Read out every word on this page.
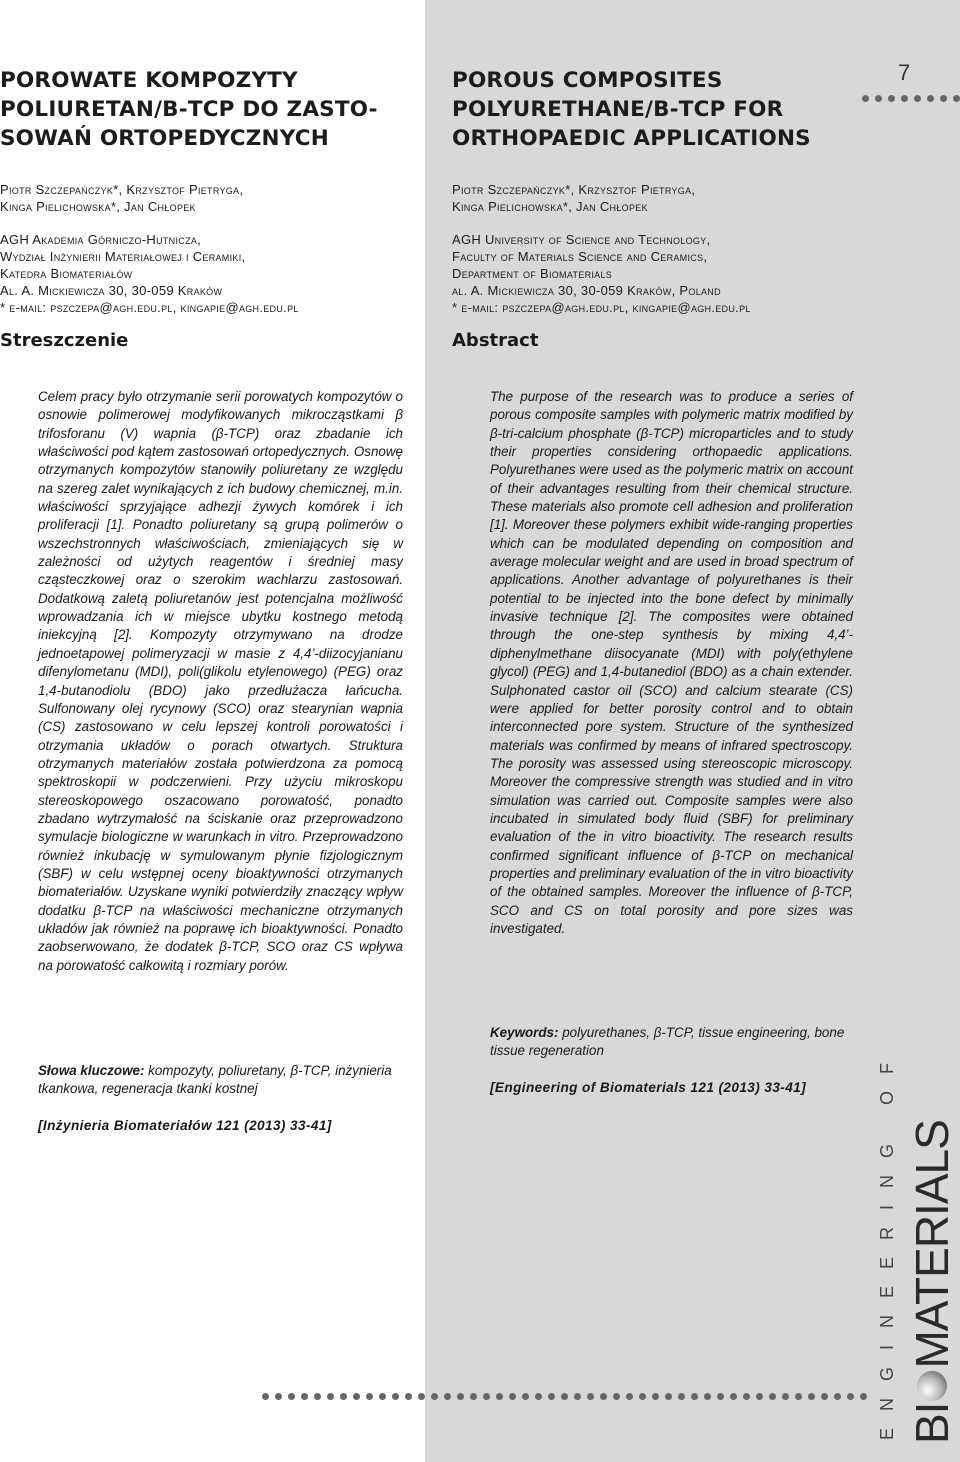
7
POROWATE KOMPOZYTY
POLIURETAN/Β-TCP DO ZASTO-
SOWAŃ ORTOPEDYCZNYCH
Piotr Szczepańczyk*, Krzysztof Pietryga,
Kinga Pielichowska*, Jan Chłopek
AGH Akademia Górniczo-Hutnicza,
Wydział Inżynierii Materiałowej i Ceramiki,
Katedra Biomateriałów
Al. A. Mickiewicza 30, 30-059 Kraków
* e-mail: pszczepa@agh.edu.pl, kingapie@agh.edu.pl
Streszczenie
Celem pracy było otrzymanie serii porowatych kompozytów o osnowie polimerowej modyfikowanych mikrocząstkami β trifosforanu (V) wapnia (β-TCP) oraz zbadanie ich właściwości pod kątem zastosowań ortopedycznych. Osnowę otrzymanych kompozytów stanowiły poliuretany ze względu na szereg zalet wynikających z ich budowy chemicznej, m.in. właściwości sprzyjające adhezji żywych komórek i ich proliferacji [1]. Ponadto poliuretany są grupą polimerów o wszechstronnych właściwościach, zmieniających się w zależności od użytych reagentów i średniej masy cząsteczkowej oraz o szerokim wachlarzu zastosowań. Dodatkową zaletą poliuretanów jest potencjalna możliwość wprowadzania ich w miejsce ubytku kostnego metodą iniekcyjną [2]. Kompozyty otrzymywano na drodze jednoetapowej polimeryzacji w masie z 4,4’-diizocyjanianu difenylometanu (MDI), poli(glikolu etylenowego) (PEG) oraz 1,4-butanodiolu (BDO) jako przedłużacza łańcucha. Sulfonowany olej rycynowy (SCO) oraz stearynian wapnia (CS) zastosowano w celu lepszej kontroli porowatości i otrzymania układów o porach otwartych. Struktura otrzymanych materiałów została potwierdzona za pomocą spektroskopii w podczerwieni. Przy użyciu mikroskopu stereoskopowego oszacowano porowatość, ponadto zbadano wytrzymałość na ściskanie oraz przeprowadzono symulacje biologiczne w warunkach in vitro. Przeprowadzono również inkubację w symulowanym płynie fizjologicznym (SBF) w celu wstępnej oceny bioaktywności otrzymanych biomateriałów. Uzyskane wyniki potwierdziły znaczący wpływ dodatku β-TCP na właściwości mechaniczne otrzymanych układów jak również na poprawę ich bioaktywności. Ponadto zaobserwowano, że dodatek β-TCP, SCO oraz CS wpływa na porowatość całkowitą i rozmiary porów.
Słowa kluczowe: kompozyty, poliuretany, β-TCP, inżynieria tkankowa, regeneracja tkanki kostnej
[Inżynieria Biomateriałów 121 (2013) 33-41]
POROUS COMPOSITES
POLYURETHANE/Β-TCP FOR
ORTHOPAEDIC APPLICATIONS
Piotr Szczepańczyk*, Krzysztof Pietryga,
Kinga Pielichowska*, Jan Chłopek
AGH University of Science and Technology,
Faculty of Materials Science and Ceramics,
Department of Biomaterials
al. A. Mickiewicza 30, 30-059 Kraków, Poland
* e-mail: pszczepa@agh.edu.pl, kingapie@agh.edu.pl
Abstract
The purpose of the research was to produce a series of porous composite samples with polymeric matrix modified by β-tri-calcium phosphate (β-TCP) microparticles and to study their properties considering orthopaedic applications. Polyurethanes were used as the polymeric matrix on account of their advantages resulting from their chemical structure. These materials also promote cell adhesion and proliferation [1]. Moreover these polymers exhibit wide-ranging properties which can be modulated depending on composition and average molecular weight and are used in broad spectrum of applications. Another advantage of polyurethanes is their potential to be injected into the bone defect by minimally invasive technique [2]. The composites were obtained through the one-step synthesis by mixing 4,4’-diphenylmethane diisocyanate (MDI) with poly(ethylene glycol) (PEG) and 1,4-butanediol (BDO) as a chain extender. Sulphonated castor oil (SCO) and calcium stearate (CS) were applied for better porosity control and to obtain interconnected pore system. Structure of the synthesized materials was confirmed by means of infrared spectroscopy. The porosity was assessed using stereoscopic microscopy. Moreover the compressive strength was studied and in vitro simulation was carried out. Composite samples were also incubated in simulated body fluid (SBF) for preliminary evaluation of the in vitro bioactivity. The research results confirmed significant influence of β-TCP on mechanical properties and preliminary evaluation of the in vitro bioactivity of the obtained samples. Moreover the influence of β-TCP, SCO and CS on total porosity and pore sizes was investigated.
Keywords: polyurethanes, β-TCP, tissue engineering, bone tissue regeneration
[Engineering of Biomaterials 121 (2013) 33-41]	ENGINEERING OF BI
MATERIALS
